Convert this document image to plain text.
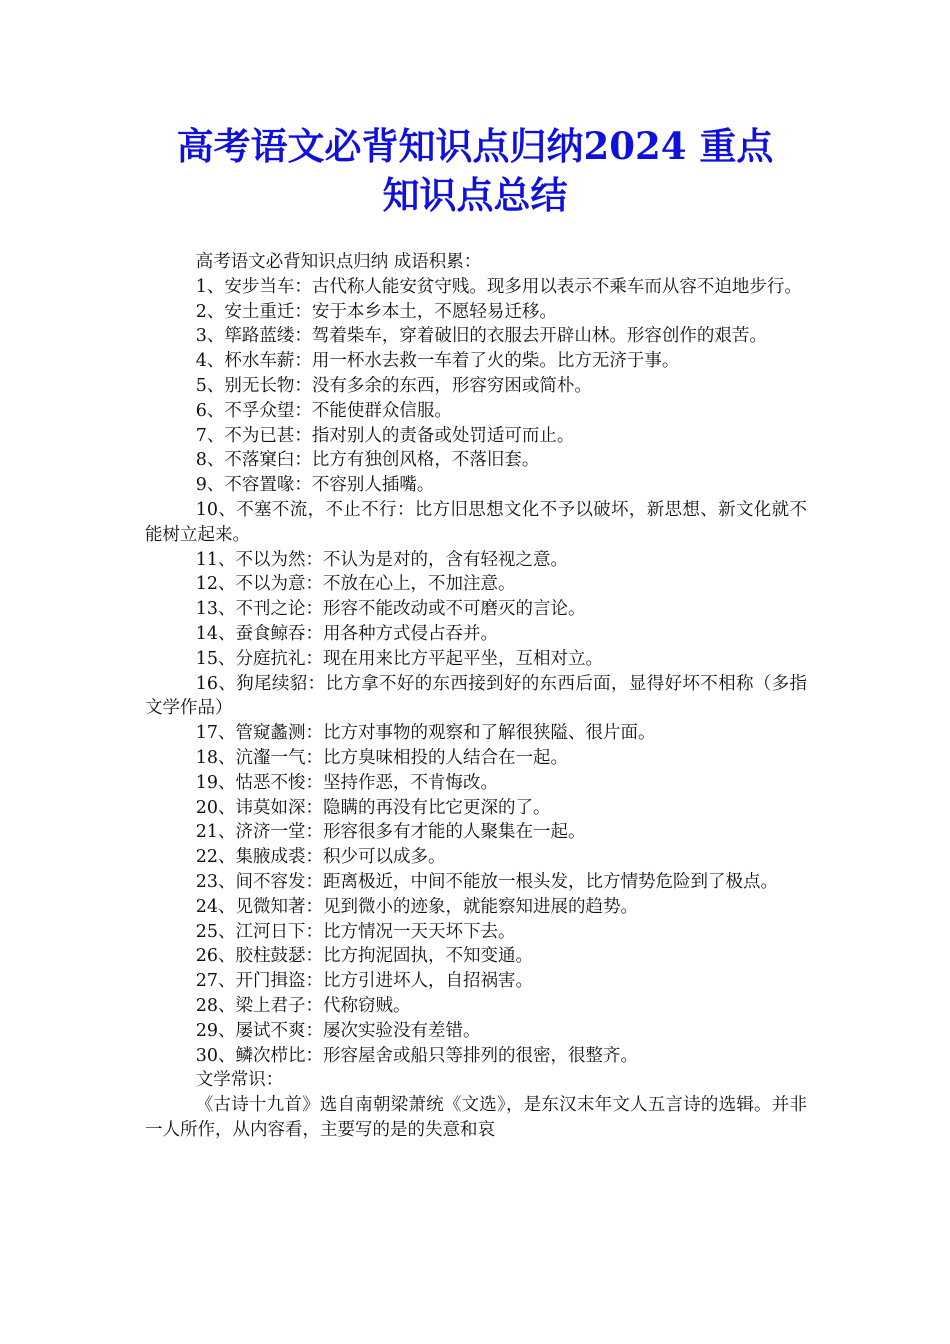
高考语文必背知识点归纳2024 重点
知识点总结

高考语文必背知识点归纳 成语积累：

1、安步当车：古代称人能安贫守贱。现多用以表示不乘车而从容不迫地步行。

2、安土重迁：安于本乡本土，不愿轻易迁移。

3、筚路蓝缕：驾着柴车，穿着破旧的衣服去开辟山林。形容创作的艰苦。

4、杯水车薪：用一杯水去救一车着了火的柴。比方无济于事。

5、别无长物：没有多余的东西，形容穷困或简朴。

6、不孚众望：不能使群众信服。

7、不为已甚：指对别人的责备或处罚适可而止。

8、不落窠臼：比方有独创风格，不落旧套。

9、不容置喙：不容别人插嘴。

10、不塞不流，不止不行：比方旧思想文化不予以破坏，新思想、新文化就不能树立起来。

11、不以为然：不认为是对的，含有轻视之意。

12、不以为意：不放在心上，不加注意。

13、不刊之论：形容不能改动或不可磨灭的言论。

14、蚕食鲸吞：用各种方式侵占吞并。

15、分庭抗礼：现在用来比方平起平坐，互相对立。

16、狗尾续貂：比方拿不好的东西接到好的东西后面，显得好坏不相称（多指文学作品）

17、管窥蠡测：比方对事物的观察和了解很狭隘、很片面。

18、沆瀣一气：比方臭味相投的人结合在一起。

19、怙恶不悛：坚持作恶，不肯悔改。

20、讳莫如深：隐瞒的再没有比它更深的了。

21、济济一堂：形容很多有才能的人聚集在一起。

22、集腋成裘：积少可以成多。

23、间不容发：距离极近，中间不能放一根头发，比方情势危险到了极点。

24、见微知著：见到微小的迹象，就能察知进展的趋势。

25、江河日下：比方情况一天天坏下去。

26、胶柱鼓瑟：比方拘泥固执，不知变通。

27、开门揖盗：比方引进坏人，自招祸害。

28、梁上君子：代称窃贼。

29、屡试不爽：屡次实验没有差错。

30、鳞次栉比：形容屋舍或船只等排列的很密，很整齐。

文学常识：

《古诗十九首》选自南朝梁萧统《文选》，是东汉末年文人五言诗的选辑。并非一人所作，从内容看，主要写的是的失意和哀
